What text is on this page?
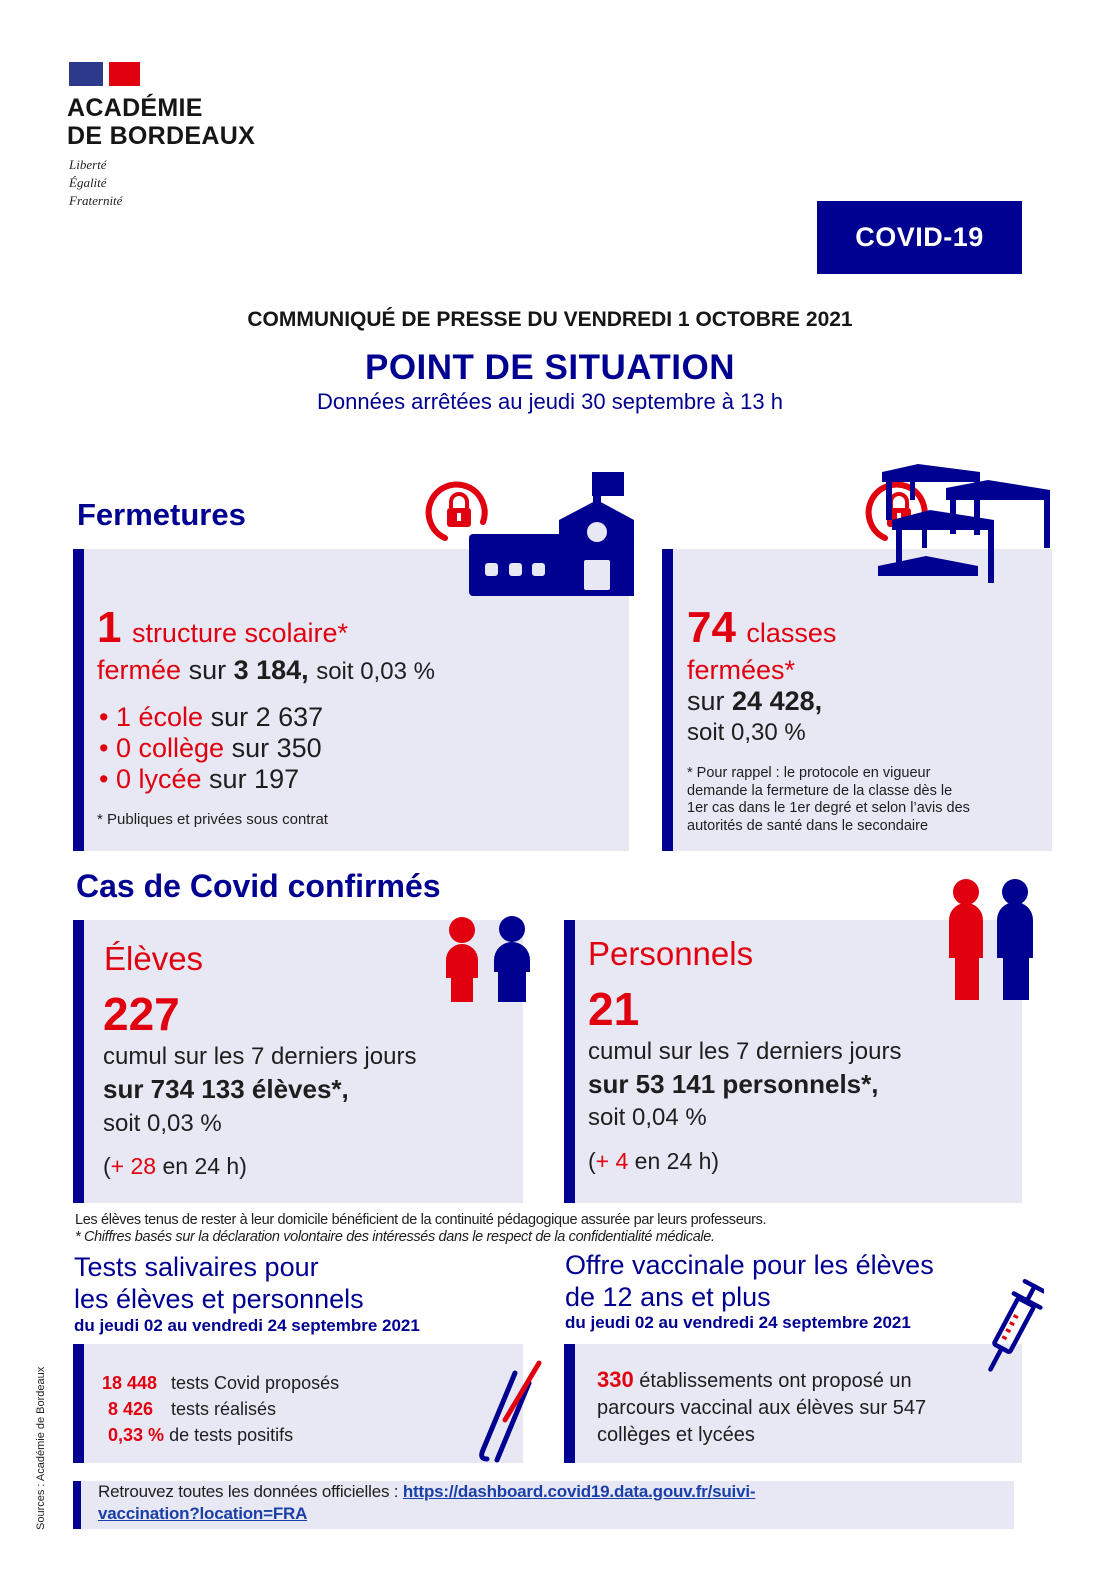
ACADÉMIE
DE BORDEAUX
Liberté
Égalité
Fraternité
COVID-19
COMMUNIQUÉ DE PRESSE DU VENDREDI 1 OCTOBRE 2021
POINT DE SITUATION
Données arrêtées au jeudi 30 septembre à 13 h
Fermetures
1 structure scolaire*
fermée sur 3 184, soit 0,03 %
• 1 école sur 2 637
• 0 collège sur 350
• 0 lycée sur 197
* Publiques et privées sous contrat
74 classes
fermées*
sur 24 428,
soit 0,30 %
* Pour rappel : le protocole en vigueur
demande la fermeture de la classe dès le
1er cas dans le 1er degré et selon l’avis des
autorités de santé dans le secondaire
Cas de Covid confirmés
Élèves
227
cumul sur les 7 derniers jours
sur 734 133 élèves*,
soit 0,03 %
(+ 28 en 24 h)
Personnels
21
cumul sur les 7 derniers jours
sur 53 141 personnels*,
soit 0,04 %
(+ 4 en 24 h)
Les élèves tenus de rester à leur domicile bénéficient de la continuité pédagogique assurée par leurs professeurs.
* Chiffres basés sur la déclaration volontaire des intéressés dans le respect de la confidentialité médicale.
Tests salivaires pour
les élèves et personnels
du jeudi 02 au vendredi 24 septembre 2021
18 448 tests Covid proposés
8 426 tests réalisés
0,33 % de tests positifs
Offre vaccinale pour les élèves
de 12 ans et plus
du jeudi 02 au vendredi 24 septembre 2021
330 établissements ont proposé un
parcours vaccinal aux élèves sur 547
collèges et lycées
Retrouvez toutes les données officielles : https://dashboard.covid19.data.gouv.fr/suivi-
vaccination?location=FRA
Sources : Académie de Bordeaux
